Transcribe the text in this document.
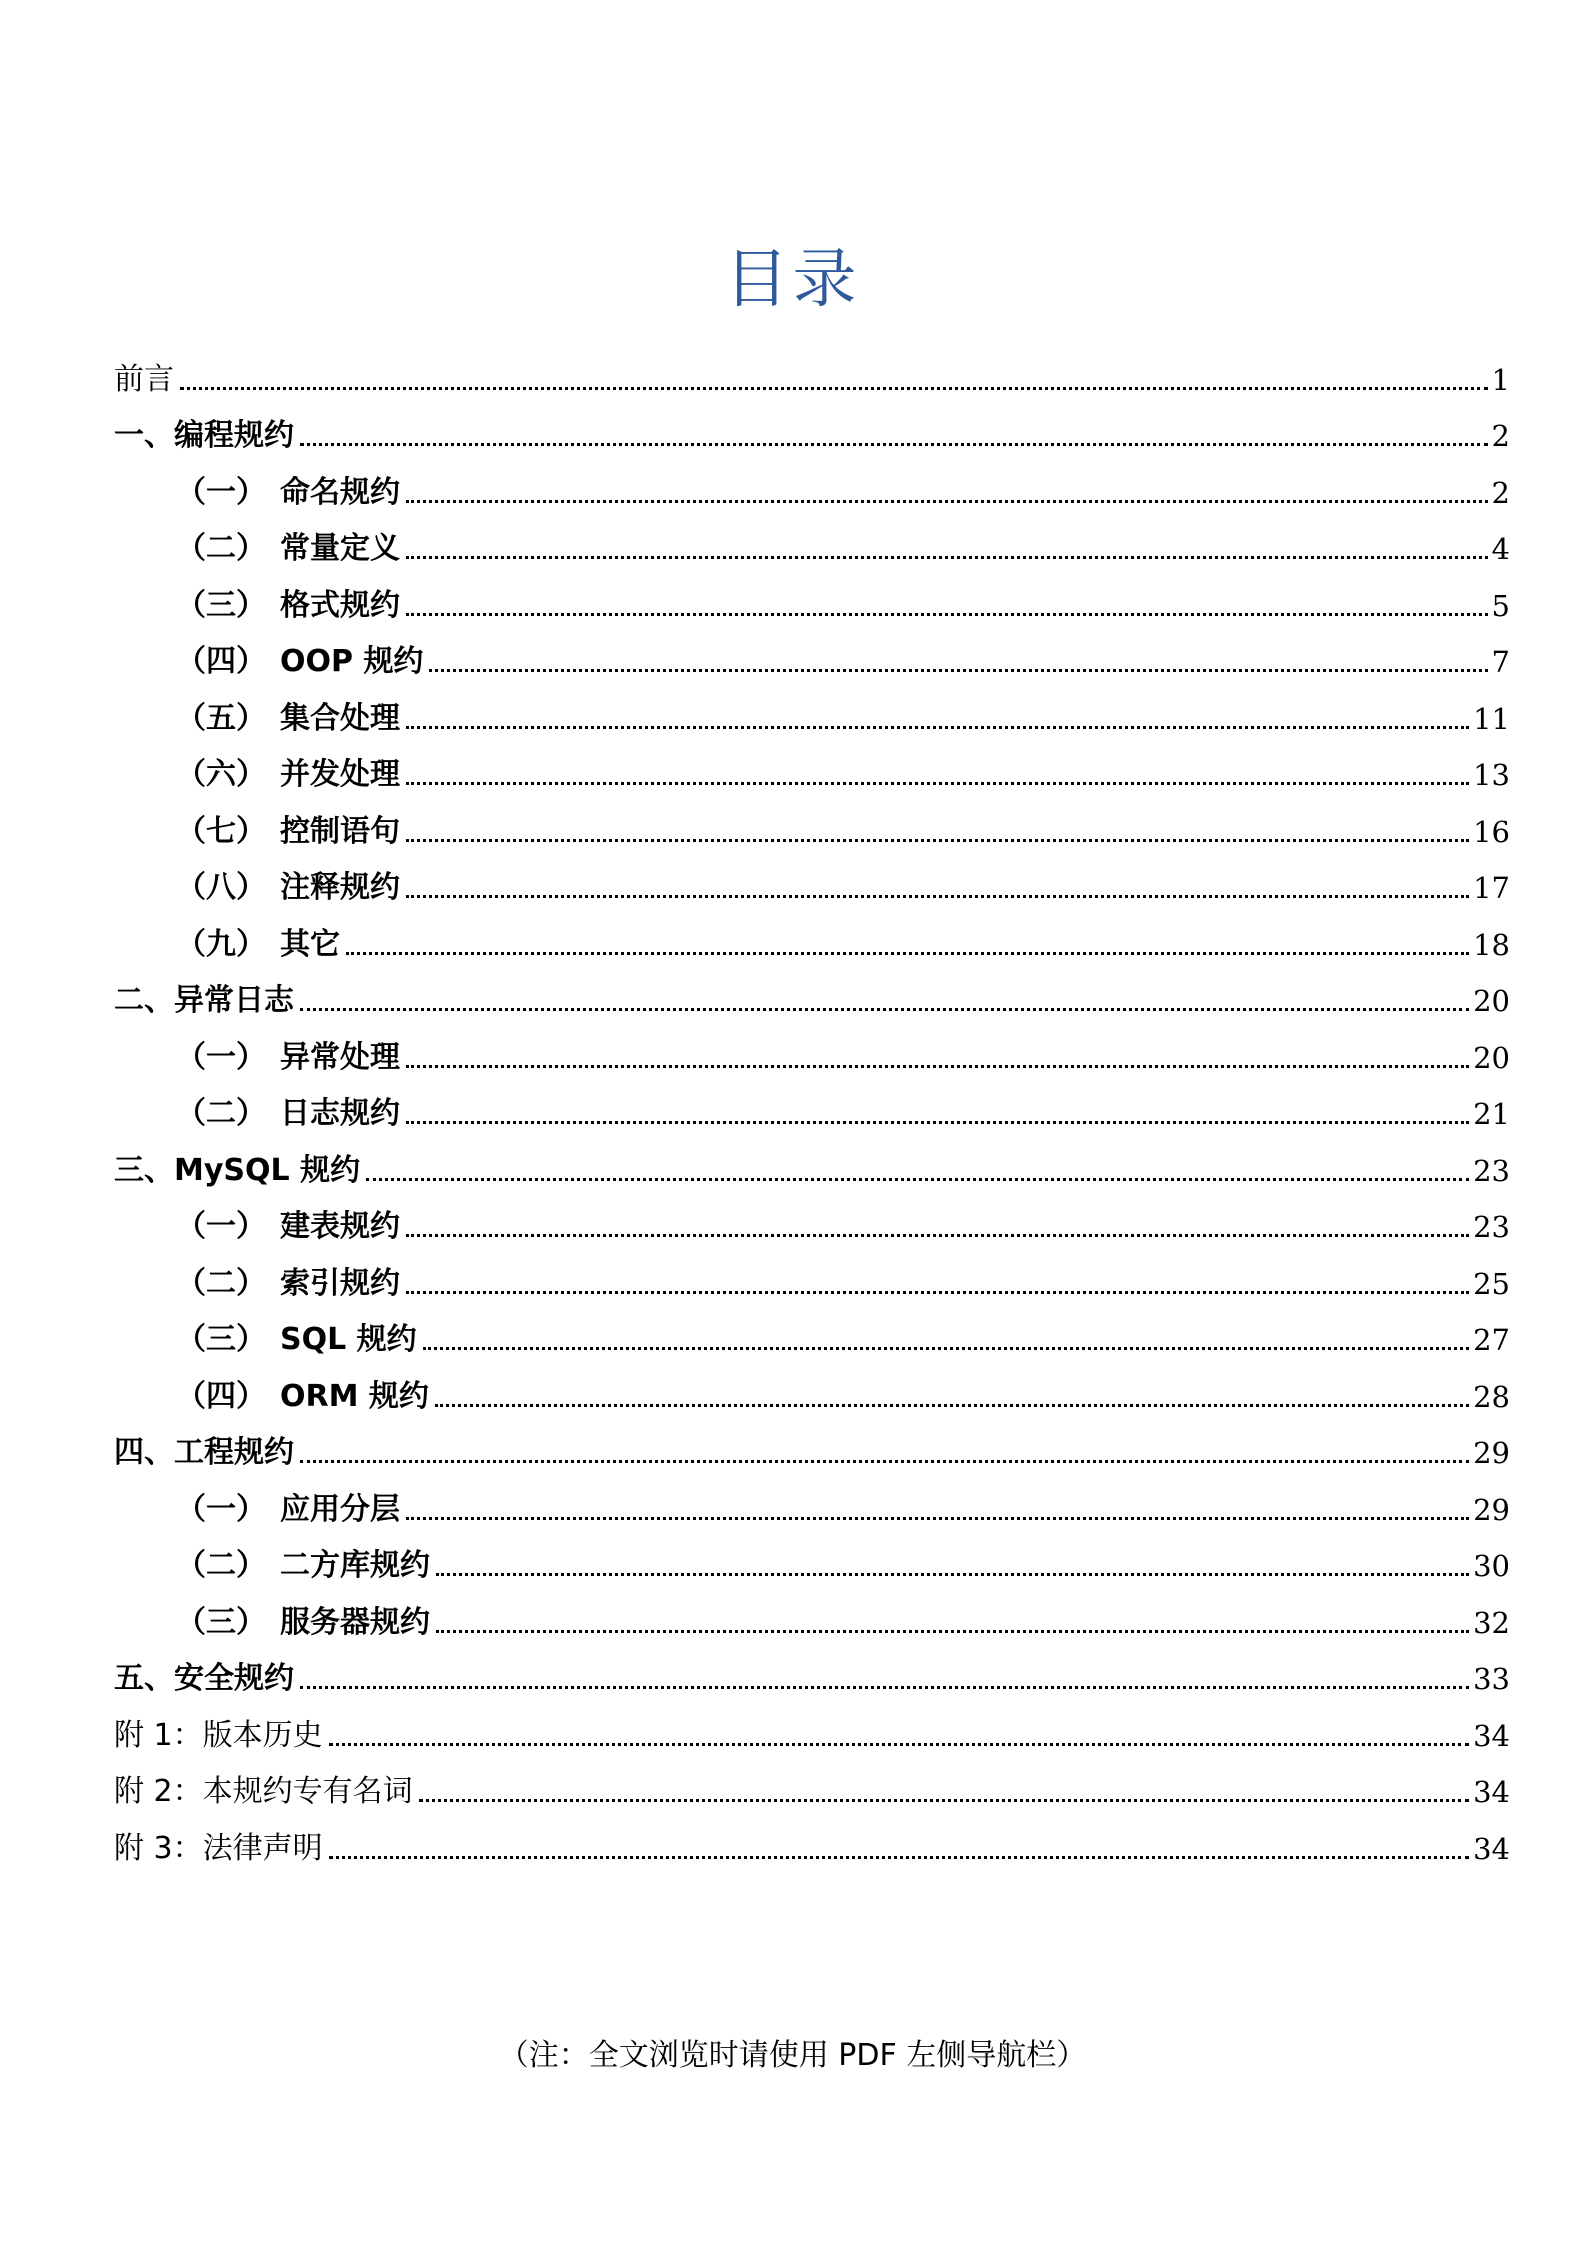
目录
前言	1
一、编程规约	2
（一） 命名规约	2
（二） 常量定义	4
（三） 格式规约	5
（四） OOP 规约	7
（五） 集合处理	11
（六） 并发处理	13
（七） 控制语句	16
（八） 注释规约	17
（九） 其它	18
二、异常日志	20
（一） 异常处理	20
（二） 日志规约	21
三、MySQL 规约	23
（一） 建表规约	23
（二） 索引规约	25
（三） SQL 规约	27
（四） ORM 规约	28
四、工程规约	29
（一） 应用分层	29
（二） 二方库规约	30
（三） 服务器规约	32
五、安全规约	33
附 1：版本历史	34
附 2：本规约专有名词	34
附 3：法律声明	34
（注：全文浏览时请使用 PDF 左侧导航栏）
